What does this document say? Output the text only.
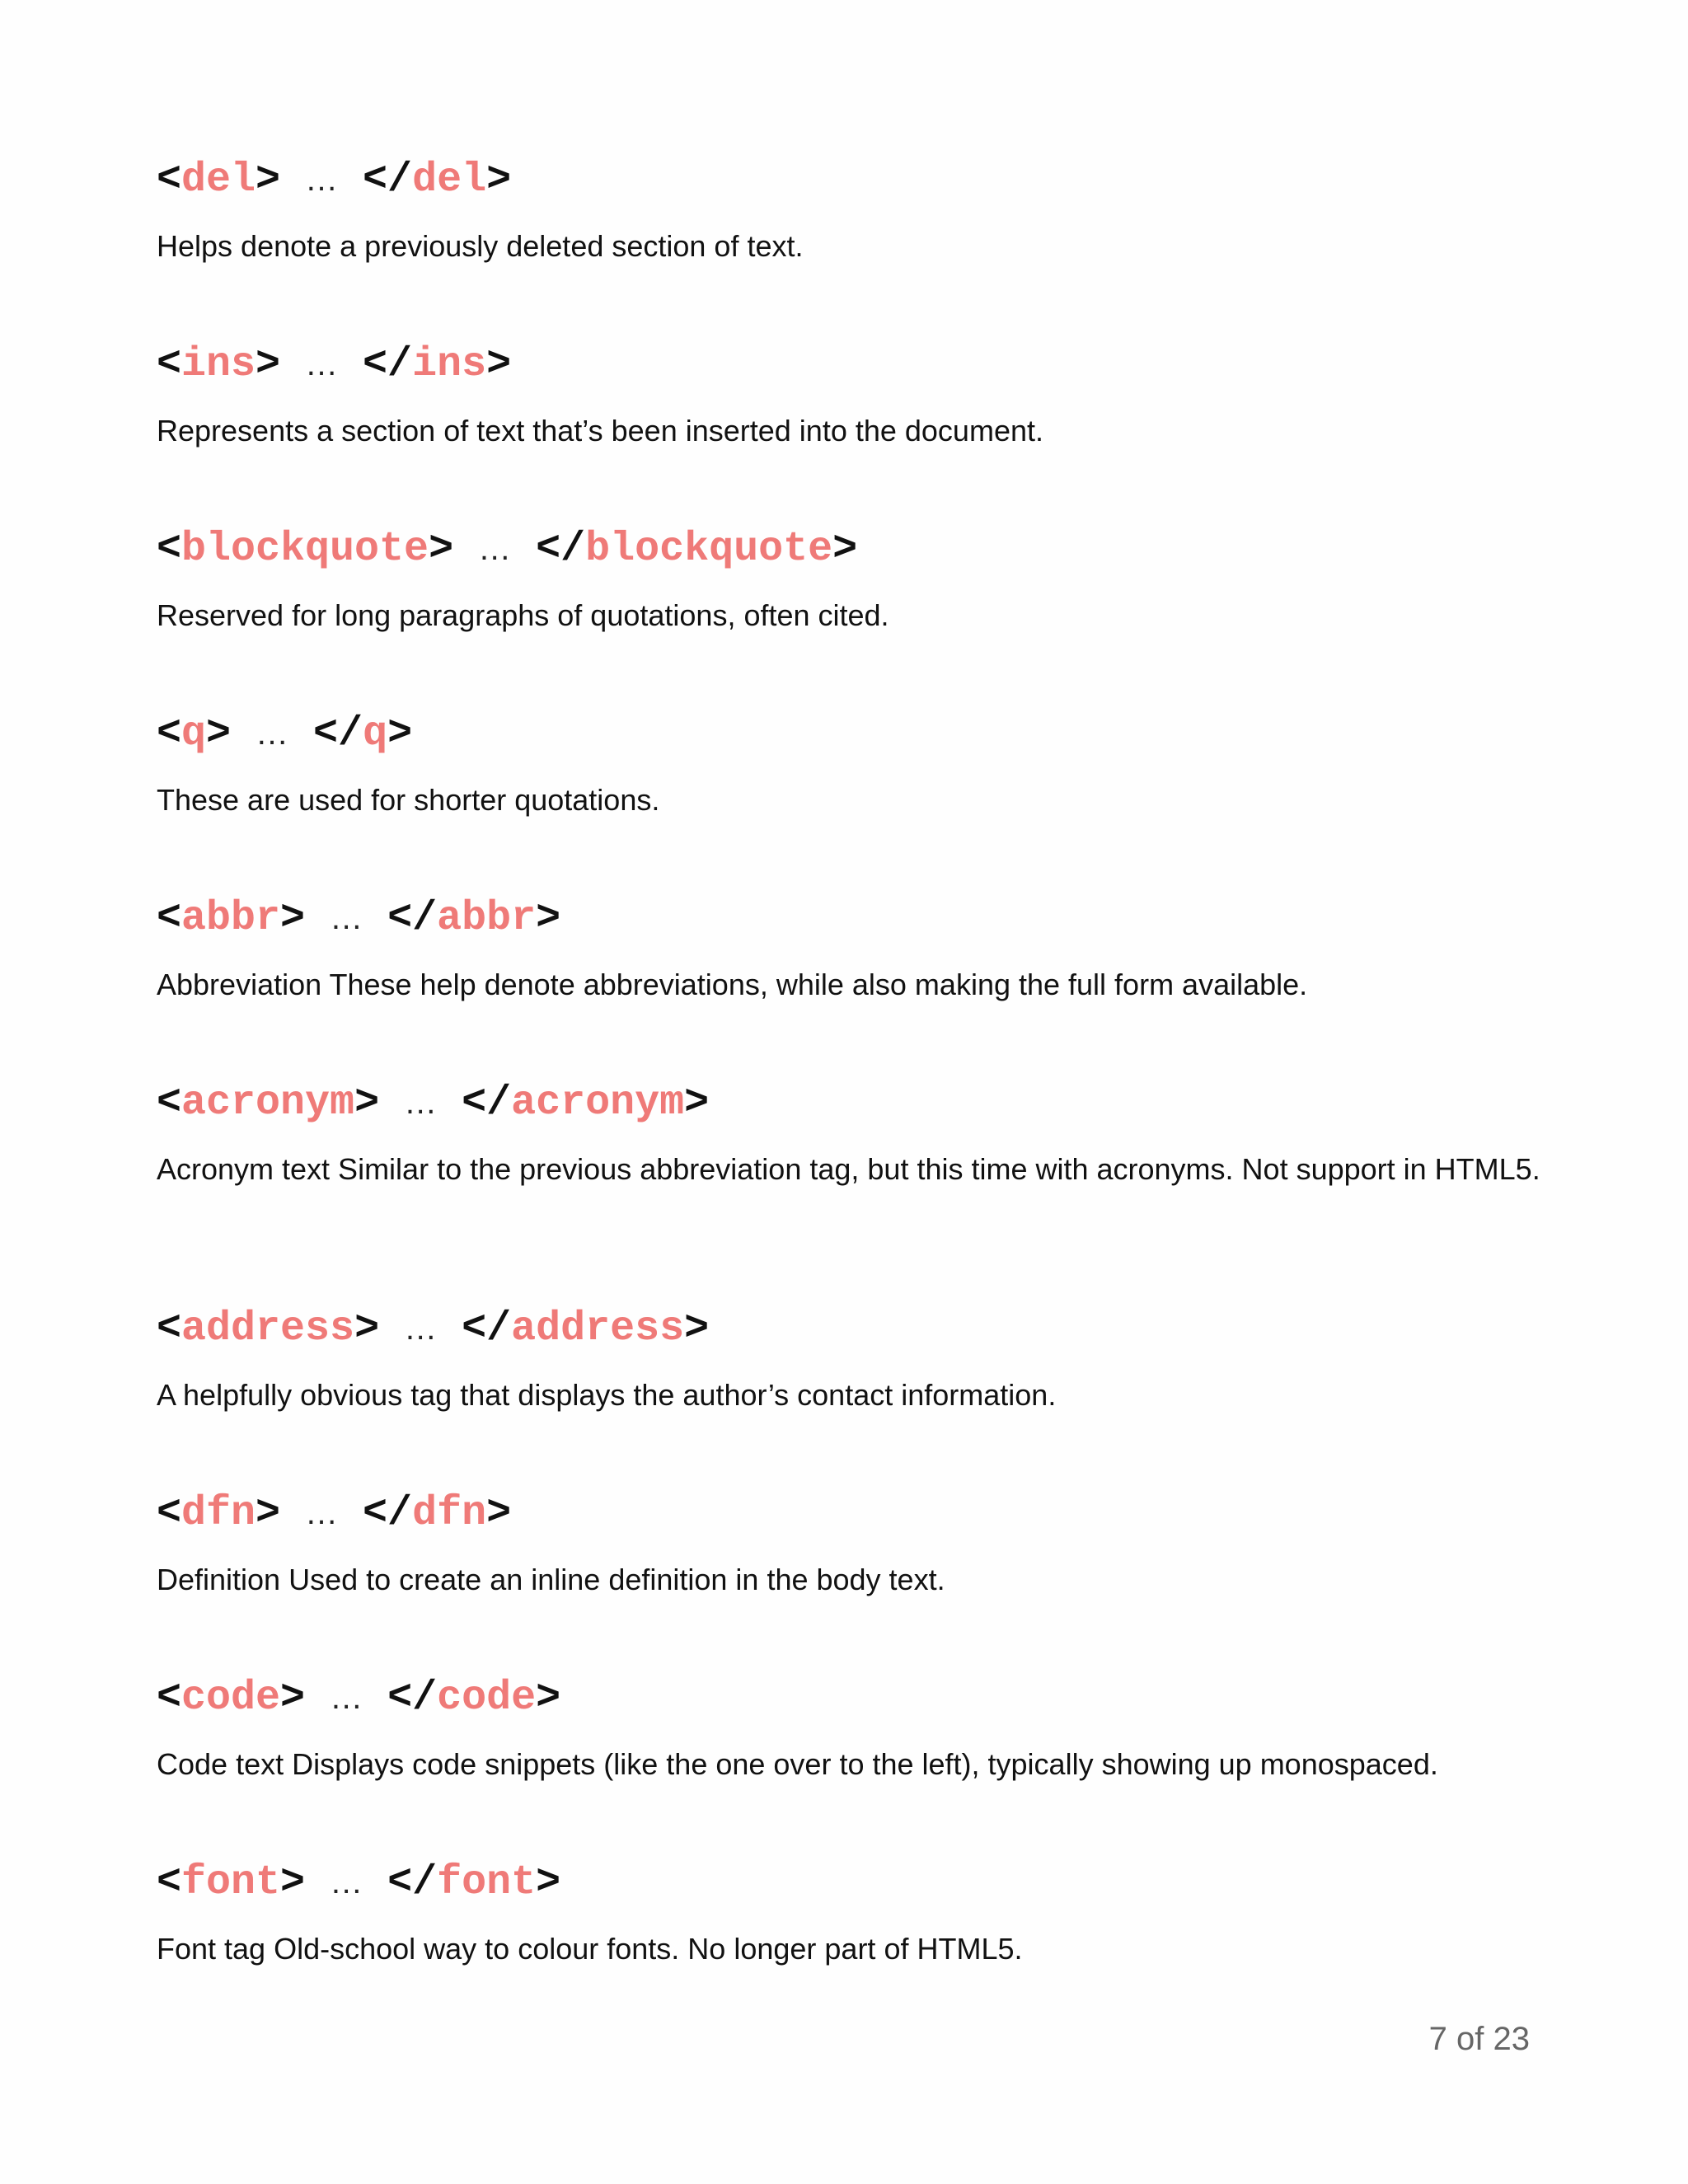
<del> … </del>
Helps denote a previously deleted section of text.
<ins> … </ins>
Represents a section of text that’s been inserted into the document.
<blockquote> … </blockquote>
Reserved for long paragraphs of quotations, often cited.
<q> … </q>
These are used for shorter quotations.
<abbr> … </abbr>
Abbreviation These help denote abbreviations, while also making the full form available.
<acronym> … </acronym>
Acronym text Similar to the previous abbreviation tag, but this time with acronyms. Not support in HTML5.
<address> … </address>
A helpfully obvious tag that displays the author’s contact information.
<dfn> … </dfn>
Definition Used to create an inline definition in the body text.
<code> … </code>
Code text Displays code snippets (like the one over to the left), typically showing up monospaced.
<font> … </font>
Font tag Old-school way to colour fonts. No longer part of HTML5.
7 of 23
